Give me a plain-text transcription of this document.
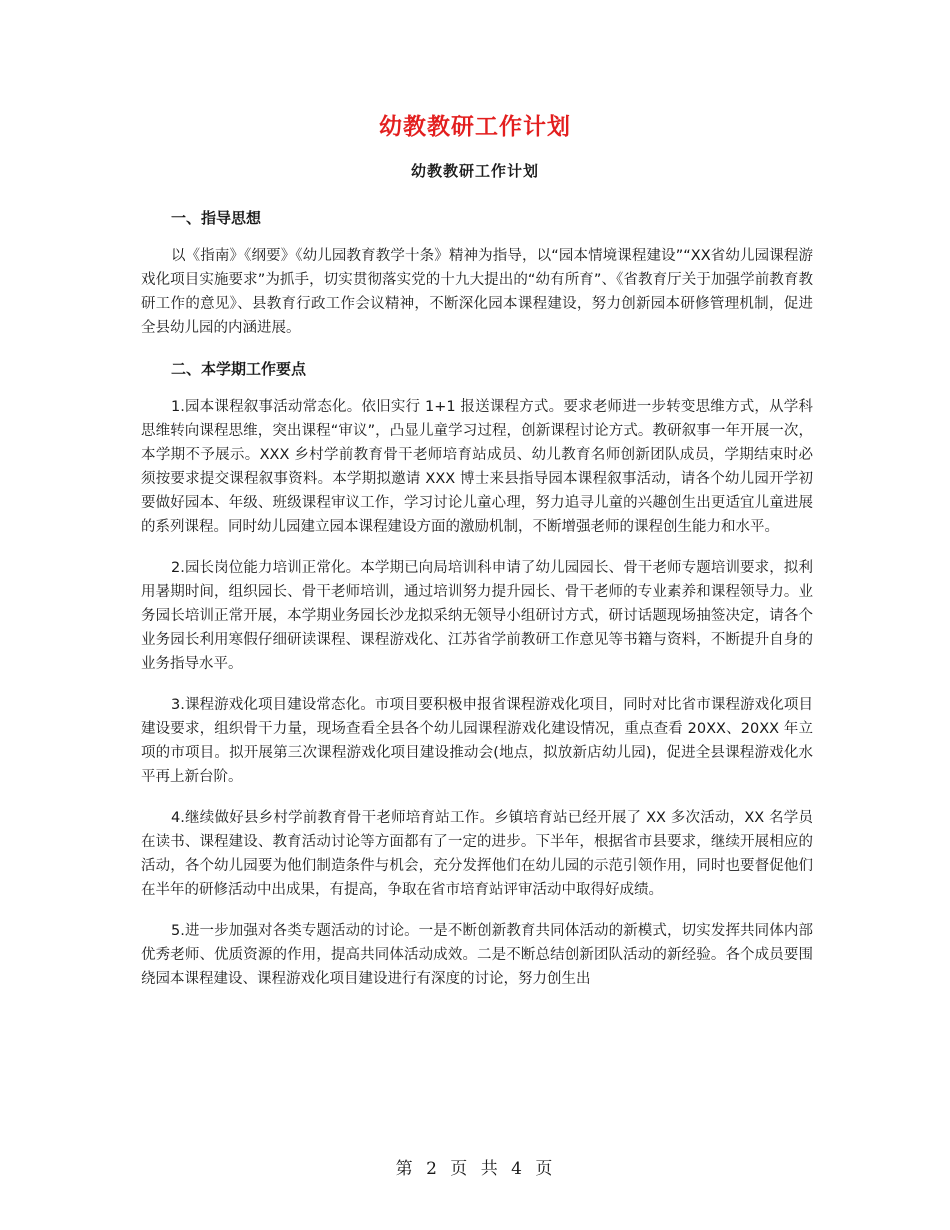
幼教教研工作计划
幼教教研工作计划
一、指导思想

以《指南》《纲要》《幼儿园教育教学十条》精神为指导，以“园本情境课程建设”“XX省幼儿园课程游戏化项目实施要求”为抓手，切实贯彻落实党的十九大提出的“幼有所育”、《省教育厅关于加强学前教育教研工作的意见》、县教育行政工作会议精神，不断深化园本课程建设，努力创新园本研修管理机制，促进全县幼儿园的内涵进展。

二、本学期工作要点

1.园本课程叙事活动常态化。依旧实行 1+1 报送课程方式。要求老师进一步转变思维方式，从学科思维转向课程思维，突出课程“审议”，凸显儿童学习过程，创新课程讨论方式。教研叙事一年开展一次，本学期不予展示。XXX 乡村学前教育骨干老师培育站成员、幼儿教育名师创新团队成员，学期结束时必须按要求提交课程叙事资料。本学期拟邀请 XXX 博士来县指导园本课程叙事活动，请各个幼儿园开学初要做好园本、年级、班级课程审议工作，学习讨论儿童心理，努力追寻儿童的兴趣创生出更适宜儿童进展的系列课程。同时幼儿园建立园本课程建设方面的激励机制，不断增强老师的课程创生能力和水平。

2.园长岗位能力培训正常化。本学期已向局培训科申请了幼儿园园长、骨干老师专题培训要求，拟利用暑期时间，组织园长、骨干老师培训，通过培训努力提升园长、骨干老师的专业素养和课程领导力。业务园长培训正常开展，本学期业务园长沙龙拟采纳无领导小组研讨方式，研讨话题现场抽签决定，请各个业务园长利用寒假仔细研读课程、课程游戏化、江苏省学前教研工作意见等书籍与资料，不断提升自身的业务指导水平。

3.课程游戏化项目建设常态化。市项目要积极申报省课程游戏化项目，同时对比省市课程游戏化项目建设要求，组织骨干力量，现场查看全县各个幼儿园课程游戏化建设情况，重点查看 20XX、20XX 年立项的市项目。拟开展第三次课程游戏化项目建设推动会(地点，拟放新店幼儿园)，促进全县课程游戏化水平再上新台阶。

4.继续做好县乡村学前教育骨干老师培育站工作。乡镇培育站已经开展了 XX 多次活动，XX 名学员在读书、课程建设、教育活动讨论等方面都有了一定的进步。下半年，根据省市县要求，继续开展相应的活动，各个幼儿园要为他们制造条件与机会，充分发挥他们在幼儿园的示范引领作用，同时也要督促他们在半年的研修活动中出成果，有提高，争取在省市培育站评审活动中取得好成绩。

5.进一步加强对各类专题活动的讨论。一是不断创新教育共同体活动的新模式，切实发挥共同体内部优秀老师、优质资源的作用，提高共同体活动成效。二是不断总结创新团队活动的新经验。各个成员要围绕园本课程建设、课程游戏化项目建设进行有深度的讨论，努力创生出

第 2 页 共 4 页
